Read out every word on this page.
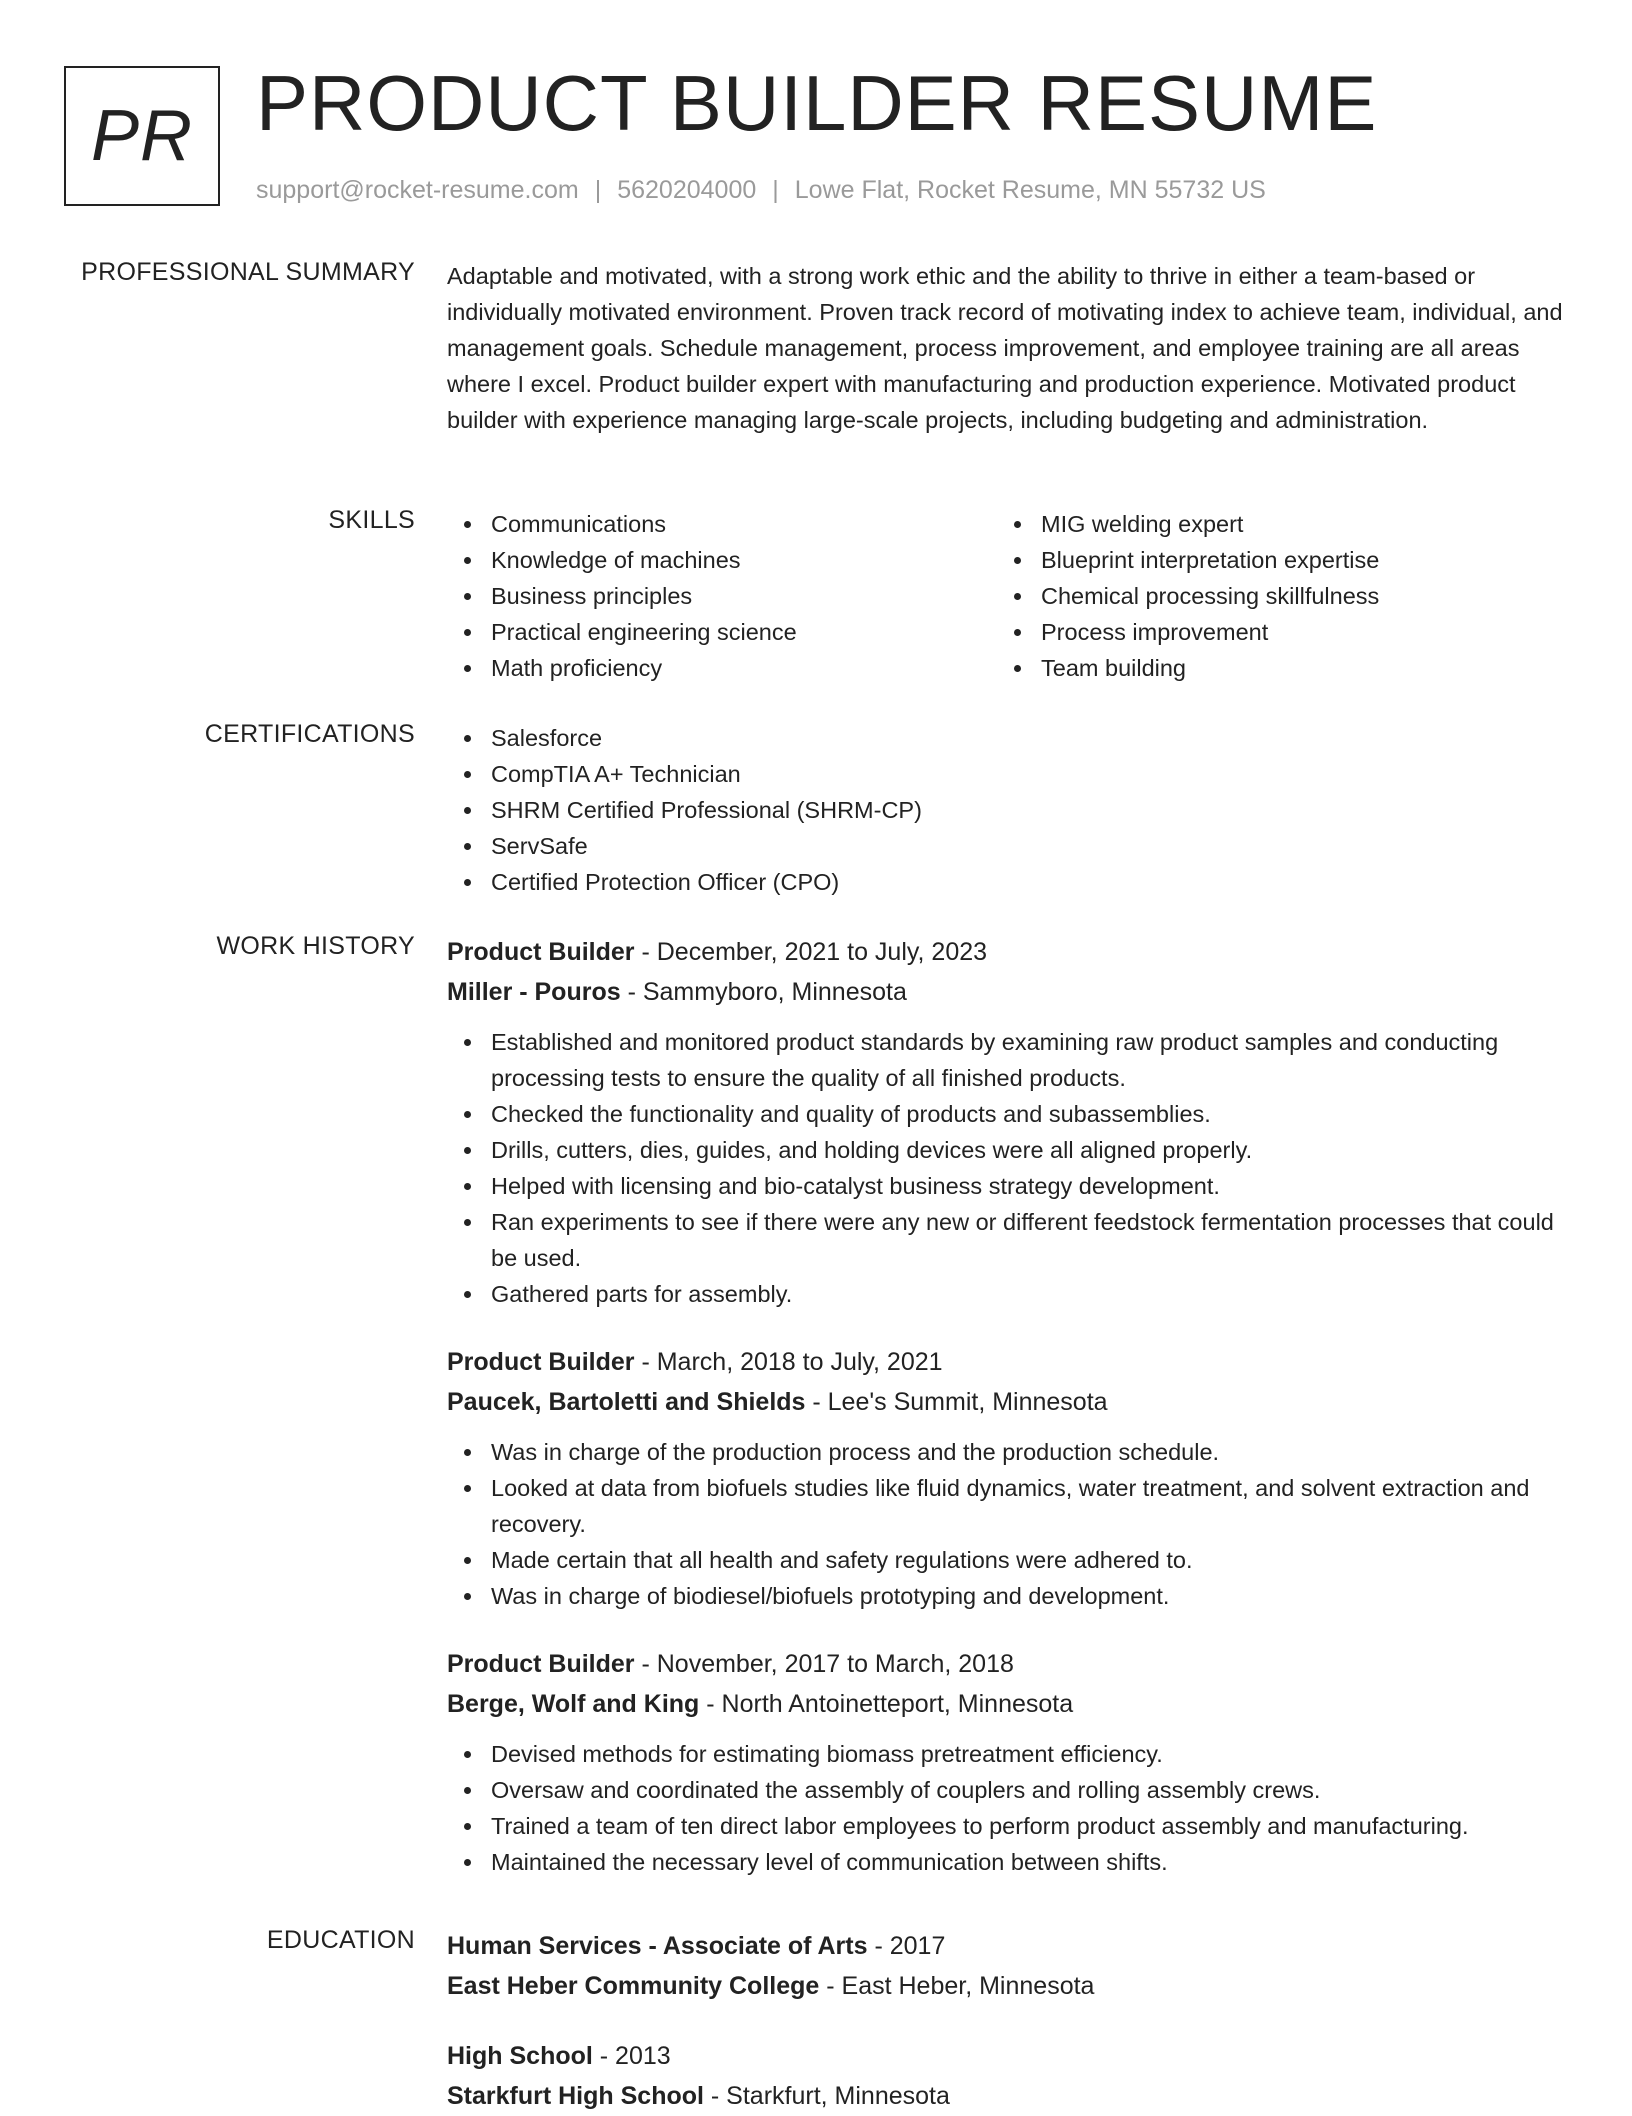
PR PRODUCT BUILDER RESUME
support@rocket-resume.com | 5620204000 | Lowe Flat, Rocket Resume, MN 55732 US
PROFESSIONAL SUMMARY Adaptable and motivated, with a strong work ethic and the ability to thrive in either a team-based or individually motivated environment. Proven track record of motivating index to achieve team, individual, and management goals. Schedule management, process improvement, and employee training are all areas where I excel. Product builder expert with manufacturing and production experience. Motivated product builder with experience managing large-scale projects, including budgeting and administration.
SKILLS	Communications
Knowledge of machines
Business principles
Practical engineering science
Math proficiency
MIG welding expert
Blueprint interpretation expertise
Chemical processing skillfulness
Process improvement
Team building
CERTIFICATIONS	Salesforce
CompTIA A+ Technician
SHRM Certified Professional (SHRM-CP)
ServSafe
Certified Protection Officer (CPO)
WORK HISTORY Product Builder - December, 2021 to July, 2023
Miller - Pouros - Sammyboro, Minnesota
Established and monitored product standards by examining raw product samples and conducting processing tests to ensure the quality of all finished products.
Checked the functionality and quality of products and subassemblies.
Drills, cutters, dies, guides, and holding devices were all aligned properly.
Helped with licensing and bio-catalyst business strategy development.
Ran experiments to see if there were any new or different feedstock fermentation processes that could be used.
Gathered parts for assembly.
Product Builder - March, 2018 to July, 2021
Paucek, Bartoletti and Shields - Lee's Summit, Minnesota
Was in charge of the production process and the production schedule.
Looked at data from biofuels studies like fluid dynamics, water treatment, and solvent extraction and recovery.
Made certain that all health and safety regulations were adhered to.
Was in charge of biodiesel/biofuels prototyping and development.
Product Builder - November, 2017 to March, 2018
Berge, Wolf and King - North Antoinetteport, Minnesota
Devised methods for estimating biomass pretreatment efficiency.
Oversaw and coordinated the assembly of couplers and rolling assembly crews.
Trained a team of ten direct labor employees to perform product assembly and manufacturing.
Maintained the necessary level of communication between shifts.
EDUCATION Human Services - Associate of Arts - 2017
East Heber Community College - East Heber, Minnesota
High School - 2013
Starkfurt High School - Starkfurt, Minnesota
